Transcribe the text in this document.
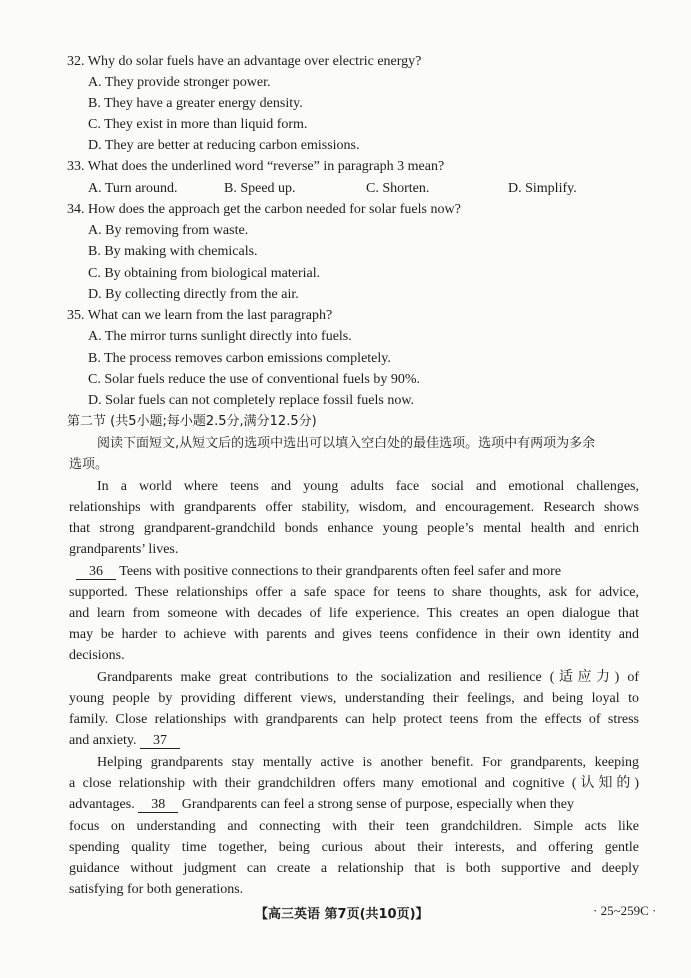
32. Why do solar fuels have an advantage over electric energy?
A. They provide stronger power.
B. They have a greater energy density.
C. They exist in more than liquid form.
D. They are better at reducing carbon emissions.
33. What does the underlined word “reverse” in paragraph 3 mean?
A. Turn around.	B. Speed up.	C. Shorten.	D. Simplify.
34. How does the approach get the carbon needed for solar fuels now?
A. By removing from waste.
B. By making with chemicals.
C. By obtaining from biological material.
D. By collecting directly from the air.
35. What can we learn from the last paragraph?
A. The mirror turns sunlight directly into fuels.
B. The process removes carbon emissions completely.
C. Solar fuels reduce the use of conventional fuels by 90%.
D. Solar fuels can not completely replace fossil fuels now.
第二节 (共5小题;每小题2.5分,满分12.5分)
阅读下面短文,从短文后的选项中选出可以填入空白处的最佳选项。选项中有两项为多余
选项。
In a world where teens and young adults face social and emotional challenges,
relationships with grandparents offer stability, wisdom, and encouragement. Research shows
that strong grandparent-grandchild bonds enhance young people’s mental health and enrich
grandparents’ lives.
36 Teens with positive connections to their grandparents often feel safer and more
supported. These relationships offer a safe space for teens to share thoughts, ask for advice,
and learn from someone with decades of life experience. This creates an open dialogue that
may be harder to achieve with parents and gives teens confidence in their own identity and
decisions.
Grandparents make great contributions to the socialization and resilience (适应力) of
young people by providing different views, understanding their feelings, and being loyal to
family. Close relationships with grandparents can help protect teens from the effects of stress
and anxiety. 37
Helping grandparents stay mentally active is another benefit. For grandparents, keeping
a close relationship with their grandchildren offers many emotional and cognitive (认知的)
advantages. 38 Grandparents can feel a strong sense of purpose, especially when they
focus on understanding and connecting with their teen grandchildren. Simple acts like
spending quality time together, being curious about their interests, and offering gentle
guidance without judgment can create a relationship that is both supportive and deeply
satisfying for both generations.
【高三英语 第7页(共10页)】	· 25~259C ·
